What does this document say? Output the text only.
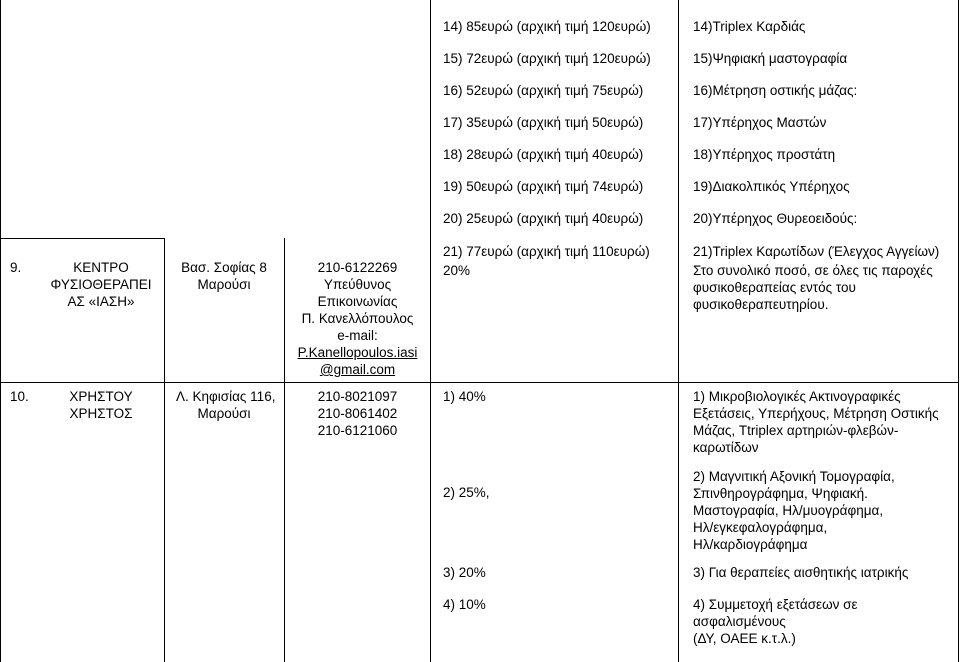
14) 85ευρώ (αρχική τιμή 120ευρώ)
15) 72ευρώ (αρχική τιμή 120ευρώ)
16) 52ευρώ (αρχική τιμή 75ευρώ)
17) 35ευρώ (αρχική τιμή 50ευρώ)
18) 28ευρώ (αρχική τιμή 40ευρώ)
19) 50ευρώ (αρχική τιμή 74ευρώ)
20) 25ευρώ (αρχική τιμή 40ευρώ)
14)Triplex Καρδιάς
15)Ψηφιακή μαστογραφία
16)Μέτρηση οστικής μάζας:
17)Υπέρηχος Μαστών
18)Υπέρηχος προστάτη
19)Διακολπικός Υπέρηχος
20)Υπέρηχος Θυρεοειδούς:
9.	ΚΕΝΤΡΟ
ΦΥΣΙΟΘΕΡΑΠΕΙ
ΑΣ «ΙΑΣΗ»
Βασ. Σοφίας 8
Μαρούσι
210-6122269
Υπεύθυνος
Επικοινωνίας
Π. Κανελλόπουλος
e-mail:
P.Kanellopoulos.iasi
@gmail.com
21) 77ευρώ (αρχική τιμή 110ευρώ)
20%
21)Triplex Καρωτίδων (Έλεγχος Αγγείων)
Στο συνολικό ποσό, σε όλες τις παροχές
φυσικοθεραπείας εντός του
φυσικοθεραπευτηρίου.
10.	ΧΡΗΣΤΟΥ
ΧΡΗΣΤΟΣ
Λ. Κηφισίας 116,
Μαρούσι
210-8021097
210-8061402
210-6121060
1) 40%
2) 25%,
3) 20%
4) 10%
1) Μικροβιολογικές Ακτινογραφικές
Εξετάσεις, Υπερήχους, Μέτρηση Οστικής
Μάζας, Ttriplex αρτηριών-φλεβών-
καρωτίδων
2) Μαγνιτική Αξονική Τομογραφία,
Σπινθηρογράφημα, Ψηφιακή.
Μαστογραφία, Ηλ/μυογράφημα,
Ηλ/εγκεφαλογράφημα,
Ηλ/καρδιογράφημα
3) Για θεραπείες αισθητικής ιατρικής
4) Συμμετοχή εξετάσεων σε
ασφαλισμένους
(ΔΥ, ΟΑΕΕ κ.τ.λ.)
